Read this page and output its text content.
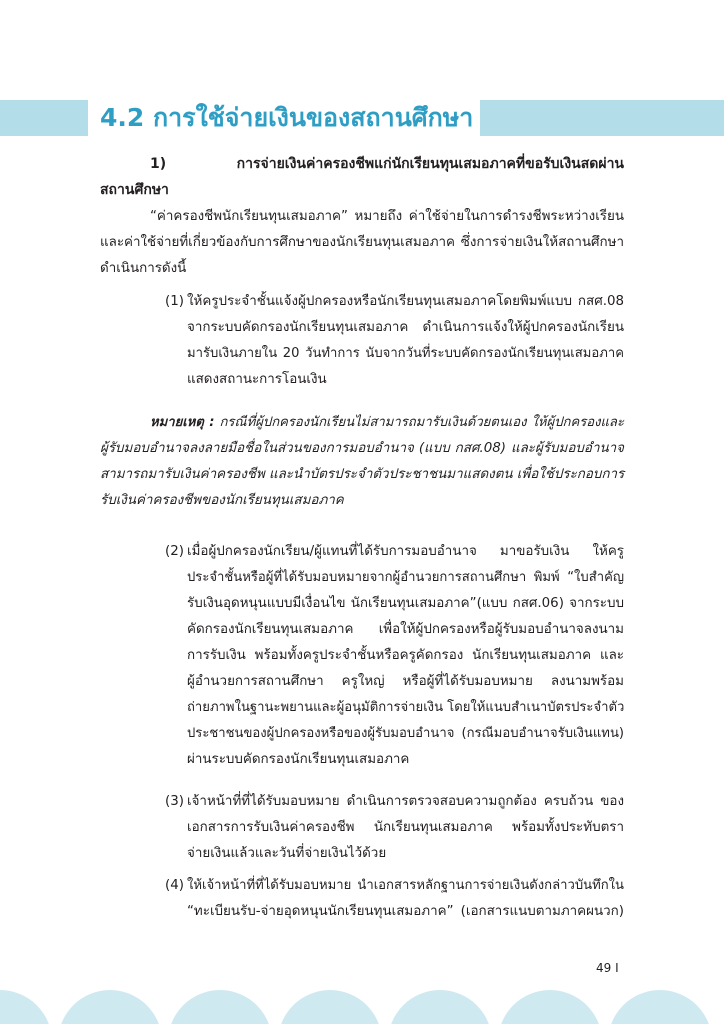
4.2 การใช้จ่ายเงินของสถานศึกษา
1) การจ่ายเงินค่าครองชีพแก่นักเรียนทุนเสมอภาคที่ขอรับเงินสดผ่าน
สถานศึกษา
“ค่าครองชีพนักเรียนทุนเสมอภาค” หมายถึง ค่าใช้จ่ายในการดำรงชีพระหว่างเรียน
และค่าใช้จ่ายที่เกี่ยวข้องกับการศึกษาของนักเรียนทุนเสมอภาค ซึ่งการจ่ายเงินให้สถานศึกษา
ดำเนินการดังนี้
(1) ให้ครูประจำชั้นแจ้งผู้ปกครองหรือนักเรียนทุนเสมอภาคโดยพิมพ์แบบ กสศ.08
จากระบบคัดกรองนักเรียนทุนเสมอภาค ดำเนินการแจ้งให้ผู้ปกครองนักเรียน
มารับเงินภายใน 20 วันทำการ นับจากวันที่ระบบคัดกรองนักเรียนทุนเสมอภาค
แสดงสถานะการโอนเงิน
หมายเหตุ : กรณีที่ผู้ปกครองนักเรียนไม่สามารถมารับเงินด้วยตนเอง ให้ผู้ปกครองและ
ผู้รับมอบอำนาจลงลายมือชื่อในส่วนของการมอบอำนาจ (แบบ กสศ.08) และผู้รับมอบอำนาจ
สามารถมารับเงินค่าครองชีพ และนำบัตรประจำตัวประชาชนมาแสดงตน เพื่อใช้ประกอบการ
รับเงินค่าครองชีพของนักเรียนทุนเสมอภาค
(2) เมื่อผู้ปกครองนักเรียน/ผู้แทนที่ได้รับการมอบอำนาจ มาขอรับเงิน ให้ครู
ประจำชั้นหรือผู้ที่ได้รับมอบหมายจากผู้อำนวยการสถานศึกษา พิมพ์ “ใบสำคัญ
รับเงินอุดหนุนแบบมีเงื่อนไข นักเรียนทุนเสมอภาค”(แบบ กสศ.06) จากระบบ
คัดกรองนักเรียนทุนเสมอภาค เพื่อให้ผู้ปกครองหรือผู้รับมอบอำนาจลงนาม
การรับเงิน พร้อมทั้งครูประจำชั้นหรือครูคัดกรอง นักเรียนทุนเสมอภาค และ
ผู้อำนวยการสถานศึกษา ครูใหญ่ หรือผู้ที่ได้รับมอบหมาย ลงนามพร้อม
ถ่ายภาพในฐานะพยานและผู้อนุมัติการจ่ายเงิน โดยให้แนบสำเนาบัตรประจำตัว
ประชาชนของผู้ปกครองหรือของผู้รับมอบอำนาจ (กรณีมอบอำนาจรับเงินแทน)
ผ่านระบบคัดกรองนักเรียนทุนเสมอภาค
(3) เจ้าหน้าที่ที่ได้รับมอบหมาย ดำเนินการตรวจสอบความถูกต้อง ครบถ้วน ของ
เอกสารการรับเงินค่าครองชีพ นักเรียนทุนเสมอภาค พร้อมทั้งประทับตรา
จ่ายเงินแล้วและวันที่จ่ายเงินไว้ด้วย
(4) ให้เจ้าหน้าที่ที่ได้รับมอบหมาย นำเอกสารหลักฐานการจ่ายเงินดังกล่าวบันทึกใน
“ทะเบียนรับ-จ่ายอุดหนุนนักเรียนทุนเสมอภาค” (เอกสารแนบตามภาคผนวก)
49 I
